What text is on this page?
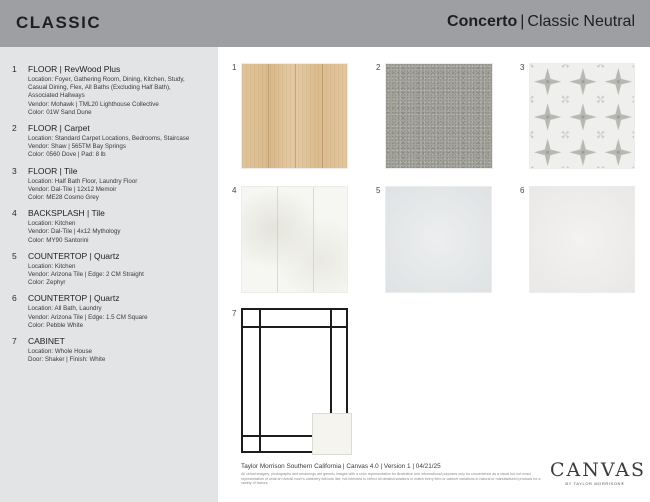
CLASSIC	Concerto | Classic Neutral
1	FLOOR | RevWood Plus
Location: Foyer, Gathering Room, Dining, Kitchen, Study,
Casual Dining, Flex, All Baths (Excluding Half Bath),
Associated Hallways
Vendor: Mohawk | TML20 Lighthouse Collective
Color: 01W Sand Dune
2	FLOOR | Carpet
Location: Standard Carpet Locations, Bedrooms, Staircase
Vendor: Shaw | 565TM Bay Springs
Color: 0560 Dove | Pad: 8 lb
3	FLOOR | Tile
Location: Half Bath Floor, Laundry Floor
Vendor: Dal-Tile | 12x12 Memoir
Color: ME28 Cosmo Grey
4	BACKSPLASH | Tile
Location: Kitchen
Vendor: Dal-Tile | 4x12 Mythology
Color: MY90 Santorini
5	COUNTERTOP | Quartz
Location: Kitchen
Vendor: Arizona Tile | Edge: 2 CM Straight
Color: Zephyr
6	COUNTERTOP | Quartz
Location: All Bath, Laundry
Vendor: Arizona Tile | Edge: 1.5 CM Square
Color: Pebble White
7	CABINET
Location: Whole House
Door: Shaker | Finish: White
1	2	3
4	5	6
7
Taylor Morrison Southern California | Canvas 4.0 | Version 1 | 04/21/25
All virtual imagery, photographs and renderings are generic images with a color representation for illustrative and informational purposes only for convenience as a visual but not exact representation of what an overall room's cabinetry will look like; not intended to reflect all details/variations in match every item or cabinet variations in natural or manufactured products for a variety of factors.
CANVAS
BY TAYLOR MORRISON®
